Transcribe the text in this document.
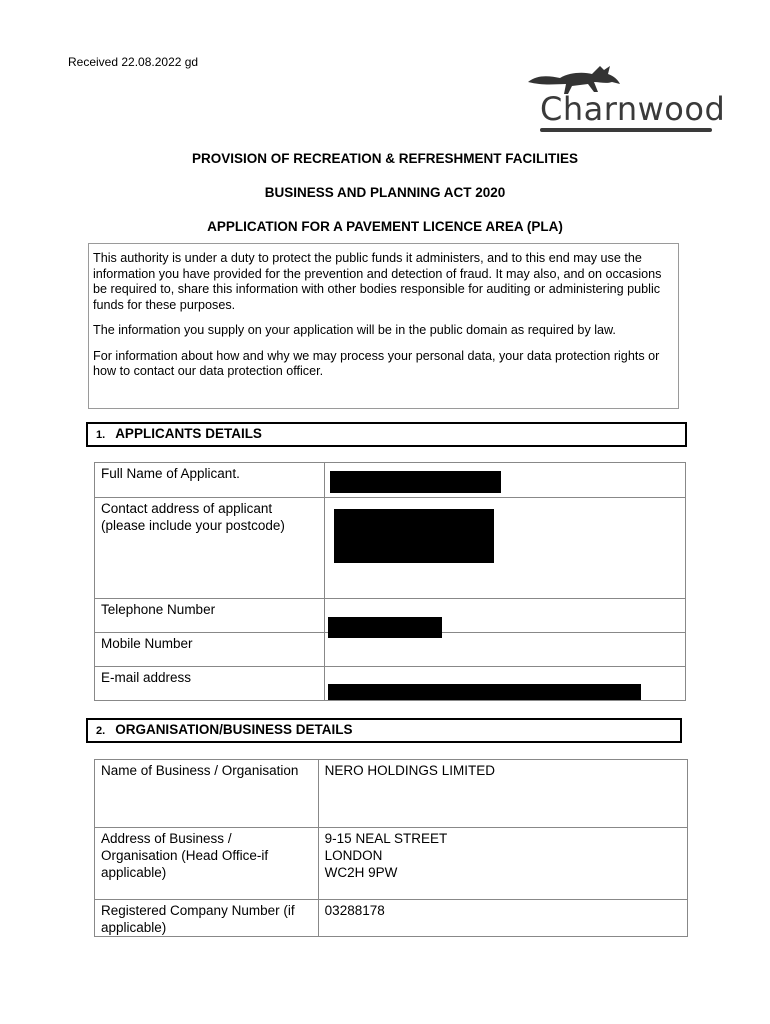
Received 22.08.2022 gd
Charnwood
PROVISION OF RECREATION & REFRESHMENT FACILITIES
BUSINESS AND PLANNING ACT 2020
APPLICATION FOR A PAVEMENT LICENCE AREA (PLA)

This authority is under a duty to protect the public funds it administers, and to this end may use the information you have provided for the prevention and detection of fraud. It may also, and on occasions be required to, share this information with other bodies responsible for auditing or administering public funds for these purposes.

The information you supply on your application will be in the public domain as required by law.

For information about how and why we may process your personal data, your data protection rights or how to contact our data protection officer.

1. APPLICANTS DETAILS
Full Name of Applicant.	
Contact address of applicant (please include your postcode)	
Telephone Number	
Mobile Number	
E-mail address	
2. ORGANISATION/BUSINESS DETAILS
Name of Business / Organisation	NERO HOLDINGS LIMITED
Address of Business / Organisation (Head Office-if applicable)	9-15 NEAL STREET
LONDON
WC2H 9PW

Registered Company Number (if applicable)	03288178
